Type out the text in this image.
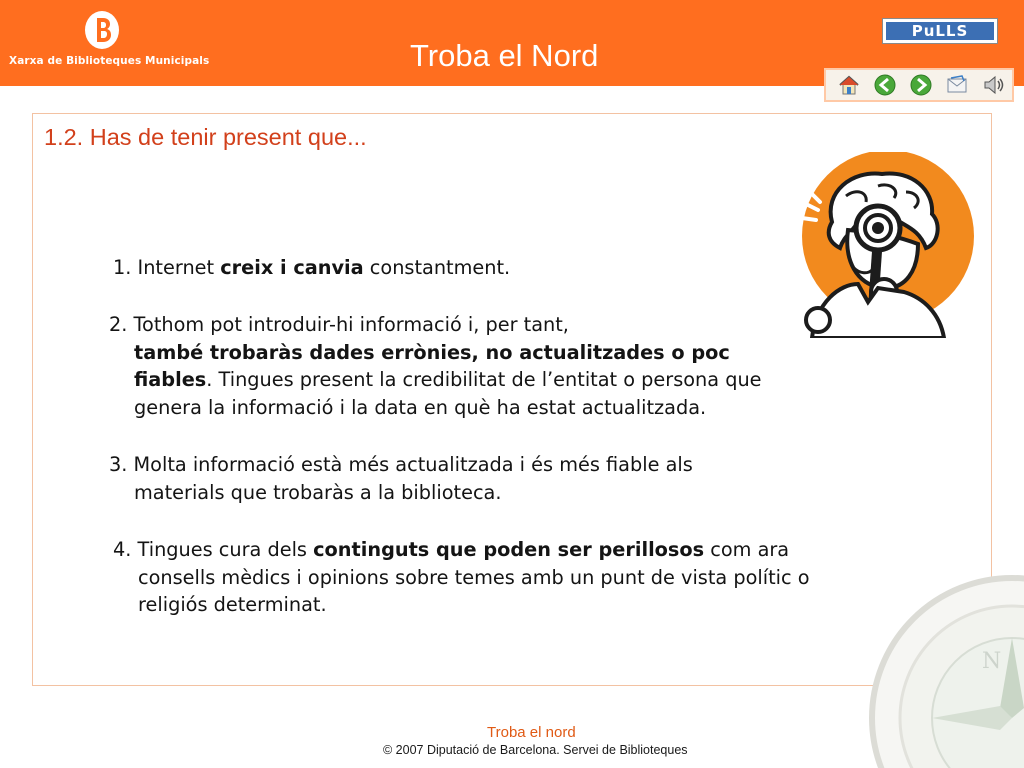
Xarxa de Biblioteques Municipals	Troba el Nord
PuLLS
1.2. Has de tenir present que...
1. Internet creix i canvia constantment.
2. Tothom pot introduir-hi informació i, per tant,
també trobaràs dades errònies, no actualitzades o poc
fiables. Tingues present la credibilitat de l’entitat o persona que
genera la informació i la data en què ha estat actualitzada.
3. Molta informació està més actualitzada i és més fiable als
materials que trobaràs a la biblioteca.
4. Tingues cura dels continguts que poden ser perillosos com ara
consells mèdics i opinions sobre temes amb un punt de vista polític o
religiós determinat.
N
Troba el nord
© 2007 Diputació de Barcelona. Servei de Biblioteques
